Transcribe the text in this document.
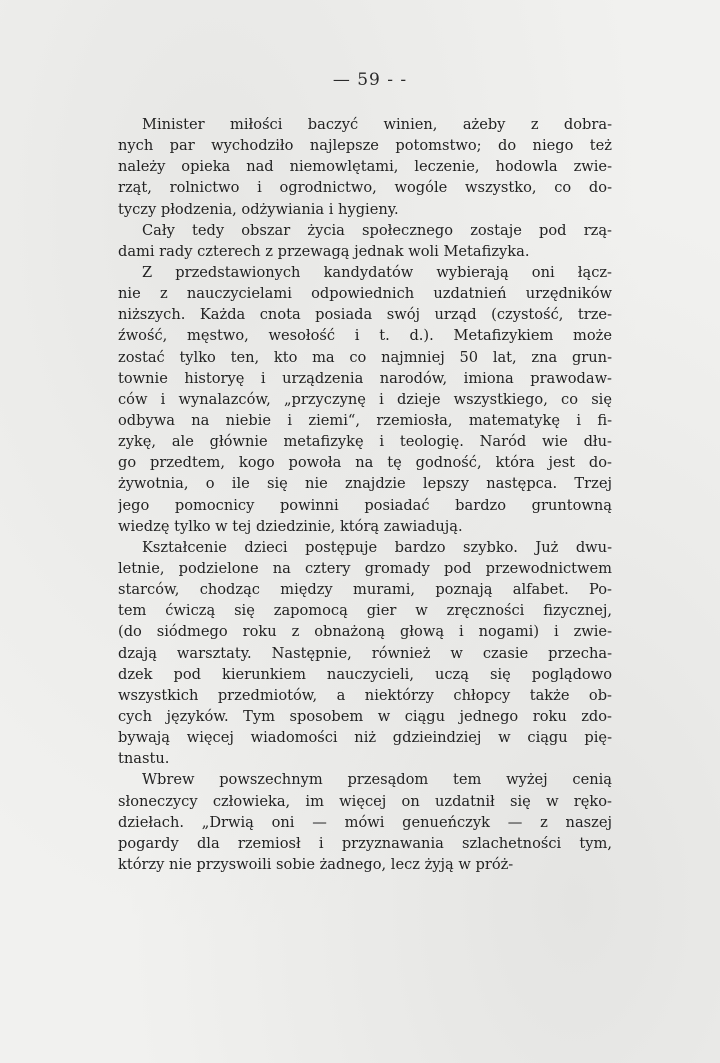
— 59 - -
Minister miłości baczyć winien, ażeby z dobra-
nych par wychodziło najlepsze potomstwo; do niego też
należy opieka nad niemowlętami, leczenie, hodowla zwie-
rząt, rolnictwo i ogrodnictwo, wogóle wszystko, co do-
tyczy płodzenia, odżywiania i hygieny.
Cały tedy obszar życia społecznego zostaje pod rzą-
dami rady czterech z przewagą jednak woli Metafizyka.
Z przedstawionych kandydatów wybierają oni łącz-
nie z nauczycielami odpowiednich uzdatnień urzędników
niższych. Każda cnota posiada swój urząd (czystość, trze-
źwość, męstwo, wesołość i t. d.). Metafizykiem może
zostać tylko ten, kto ma co najmniej 50 lat, zna grun-
townie historyę i urządzenia narodów, imiona prawodaw-
ców i wynalazców, „przyczynę i dzieje wszystkiego, co się
odbywa na niebie i ziemi“, rzemiosła, matematykę i fi-
zykę, ale głównie metafizykę i teologię. Naród wie dłu-
go przedtem, kogo powoła na tę godność, która jest do-
żywotnia, o ile się nie znajdzie lepszy następca. Trzej
jego pomocnicy powinni posiadać bardzo gruntowną
wiedzę tylko w tej dziedzinie, którą zawiadują.
Kształcenie dzieci postępuje bardzo szybko. Już dwu-
letnie, podzielone na cztery gromady pod przewodnictwem
starców, chodząc między murami, poznają alfabet. Po-
tem ćwiczą się zapomocą gier w zręczności fizycznej,
(do siódmego roku z obnażoną głową i nogami) i zwie-
dzają warsztaty. Następnie, również w czasie przecha-
dzek pod kierunkiem nauczycieli, uczą się poglądowo
wszystkich przedmiotów, a niektórzy chłopcy także ob-
cych języków. Tym sposobem w ciągu jednego roku zdo-
bywają więcej wiadomości niż gdzieindziej w ciągu pię-
tnastu.
Wbrew powszechnym przesądom tem wyżej cenią
słoneczycy człowieka, im więcej on uzdatnił się w ręko-
dziełach. „Drwią oni — mówi genueńczyk — z naszej
pogardy dla rzemiosł i przyznawania szlachetności tym,
którzy nie przyswoili sobie żadnego, lecz żyją w próż-
